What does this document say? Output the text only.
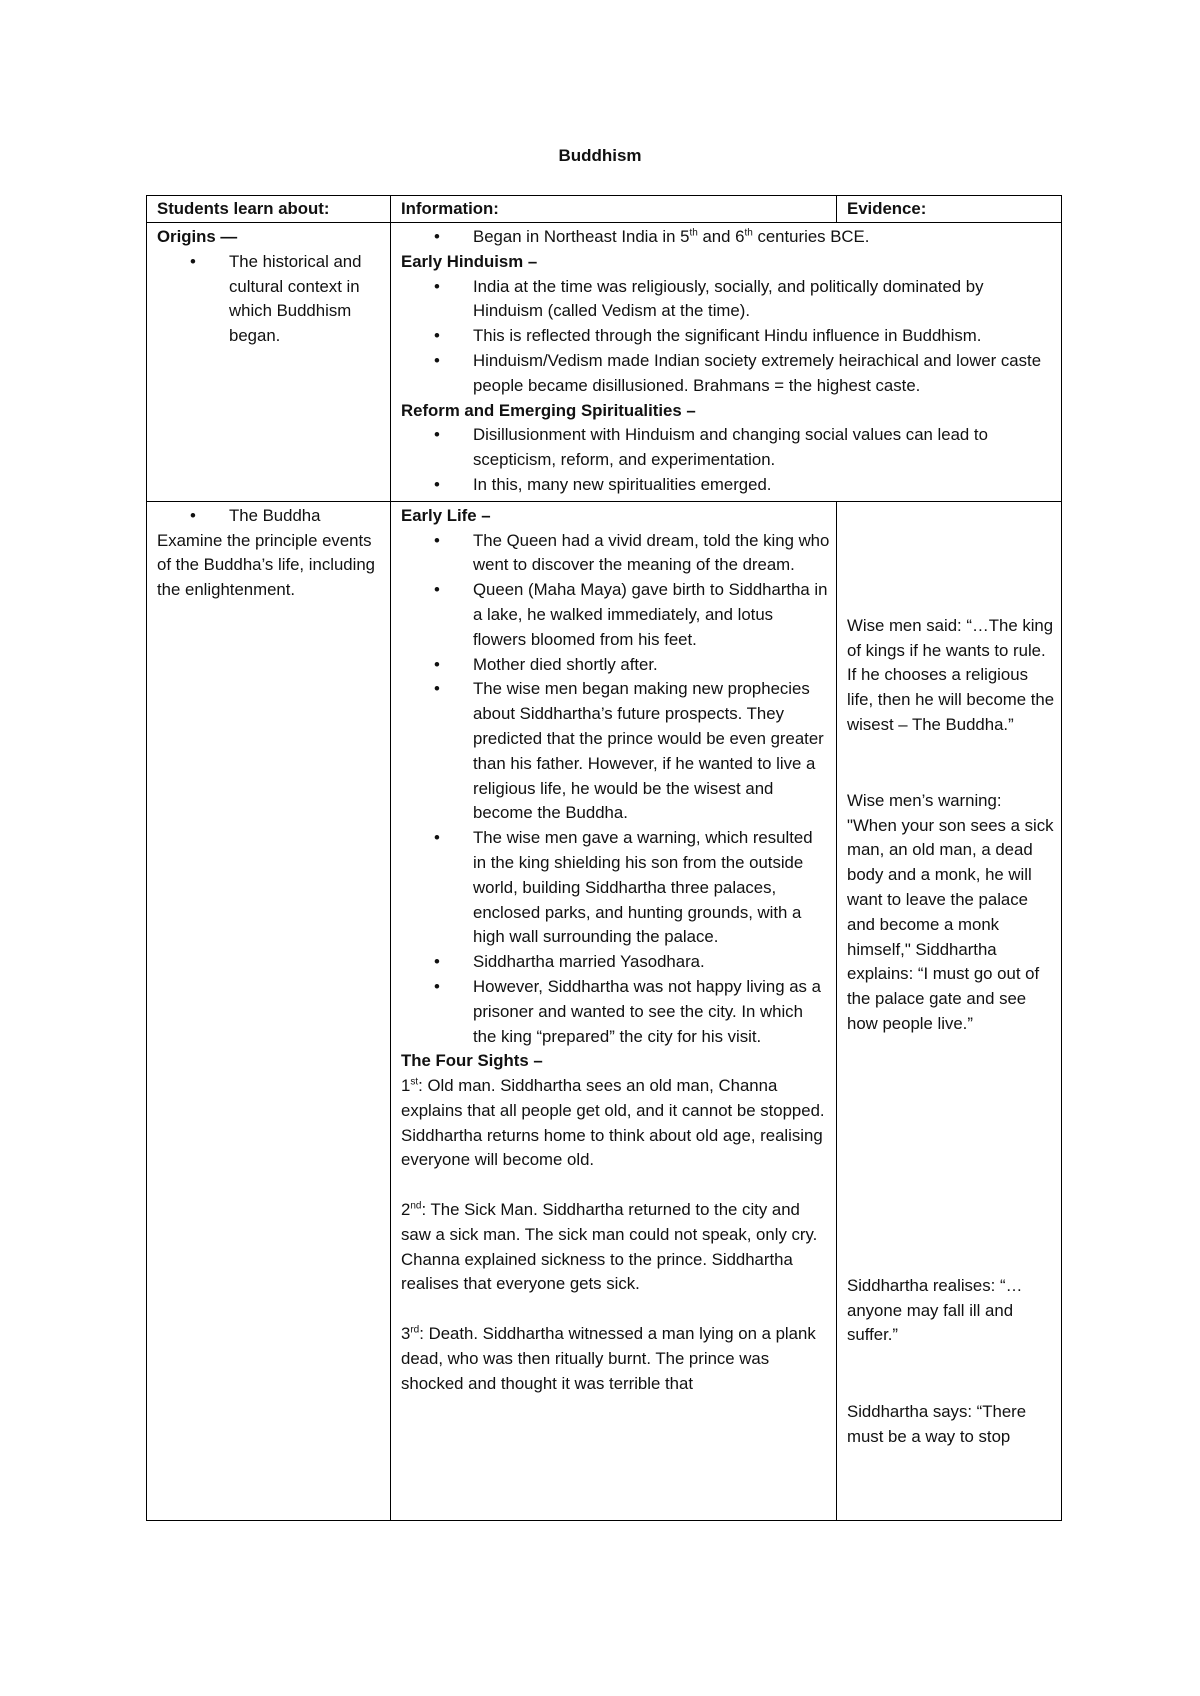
Buddhism
Students learn about:	Information:	Evidence:
Origins —
• The historical and cultural context in which Buddhism began.
• Began in Northeast India in 5th and 6th centuries BCE.
Early Hinduism –
• India at the time was religiously, socially, and politically dominated by Hinduism (called Vedism at the time).
• This is reflected through the significant Hindu influence in Buddhism.
• Hinduism/Vedism made Indian society extremely heirachical and lower caste people became disillusioned. Brahmans = the highest caste.
Reform and Emerging Spiritualities –
• Disillusionment with Hinduism and changing social values can lead to scepticism, reform, and experimentation.
• In this, many new spiritualities emerged.
• The Buddha
Examine the principle events of the Buddha’s life, including the enlightenment.
Early Life –
• The Queen had a vivid dream, told the king who went to discover the meaning of the dream.
• Queen (Maha Maya) gave birth to Siddhartha in a lake, he walked immediately, and lotus flowers bloomed from his feet.
• Mother died shortly after.
• The wise men began making new prophecies about Siddhartha’s future prospects. They predicted that the prince would be even greater than his father. However, if he wanted to live a religious life, he would be the wisest and become the Buddha.
• The wise men gave a warning, which resulted in the king shielding his son from the outside world, building Siddhartha three palaces, enclosed parks, and hunting grounds, with a high wall surrounding the palace.
• Siddhartha married Yasodhara.
• However, Siddhartha was not happy living as a prisoner and wanted to see the city. In which the king “prepared” the city for his visit.
The Four Sights –
1st: Old man. Siddhartha sees an old man, Channa explains that all people get old, and it cannot be stopped. Siddhartha returns home to think about old age, realising everyone will become old.
2nd: The Sick Man. Siddhartha returned to the city and saw a sick man. The sick man could not speak, only cry. Channa explained sickness to the prince. Siddhartha realises that everyone gets sick.
3rd: Death. Siddhartha witnessed a man lying on a plank dead, who was then ritually burnt. The prince was shocked and thought it was terrible that
Wise men said: “…The king of kings if he wants to rule. If he chooses a religious life, then he will become the wisest – The Buddha.”
Wise men’s warning: "When your son sees a sick man, an old man, a dead body and a monk, he will want to leave the palace and become a monk himself," Siddhartha explains: “I must go out of the palace gate and see how people live.”
Siddhartha realises: “… anyone may fall ill and suffer.”
Siddhartha says: “There must be a way to stop
